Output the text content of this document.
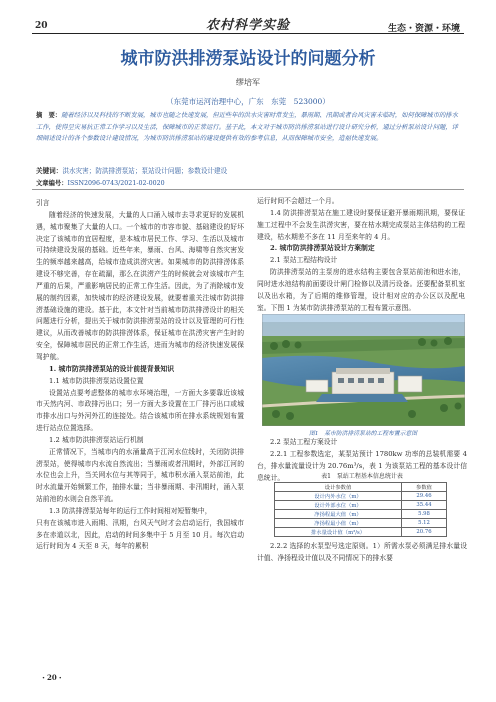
20	农村科学实验	生态・资源・环境
城市防洪排涝泵站设计的问题分析
缪培军
（东莞市运河治理中心，广东　东莞　523000）
摘　要：随着经济以及科技的不断发展，城市也随之快速发展，但近些年的洪水灾害时常发生，暴雨期、汛期或者台风灾害未临时，如何保障城市的排水工作，使得呈灾易抗正常工作学习以及生活，保障城市的正常运行。基于此，本文对于城市防洪排涝泵站进行设计研究分析，通过分析泵站设计问题，详细阐述设计的各个参数设计建设情况，为城市防洪排涝泵站的建设提供有效的参考信息，从而保障城市安全，造福快速发展。
关键词：洪水灾害；防洪排涝泵站；泵站设计问题；参数设计建设
文章编号：ISSN2096-0743/2021-02-0020

引言

随着经济的快速发展，大量的人口涌入城市去寻求更好的发展机遇，城市聚集了大量的人口。一个城市的市容市貌、基础建设的好坏决定了该城市的宜居程度，是本城市居民工作、学习、生活以及城市可持续建设发展的基础。近些年来，暴雨、台风、海啸等自然灾害发生的频率越来越高，给城市造成洪涝灾害。如果城市的防洪排涝体系建设不够完善，存在疏漏，那么在洪涝产生的时候就会对该城市产生严重的后果，严重影响居民的正常工作生活。因此，为了消除城市发展的制约因素，加快城市的经济建设发展，就要着重关注城市防洪排涝基础设施的建设。基于此，本文针对当前城市防洪排涝设计的相关问题进行分析，提出关于城市防洪排涝泵站的设计以及管理的可行性建议，从而改善城市的防洪排涝体系，保证城市在洪涝灾害产生时的安全，保障城市居民的正常工作生活，进而为城市的经济快速发展保驾护航。

1. 城市防洪排涝泵站的设计前提背景知识

1.1 城市防洪排涝泵站设置位置

设置站点要考虑整体的城市水环境治理，一方面大多要靠近该城市天然内河、市政排污出口；另一方面大多设置在工厂排污出口或城市排水出口与外河外江的连接处。结合该城市所在排水系统规划布置进行站点位置选择。

1.2 城市防洪排涝泵站运行机制

正常情况下，当城市内的水涌量高于江河水位线时，关闭防洪排涝泵站，使得城市内水流自然流出；当暴雨或者汛期时，外部江河的水位也会上升，当关网水位与其等同于，城市积水涌入泵站前池，此时水流量开始频繁工作，抽排水量；当非暴雨期、非汛期时，涌入泵站前池的水则会自然平流。

1.3 防洪排涝泵站每年的运行工作时间相对短暂集中，

只有在该城市进入雨期、汛期，台风天气时才会启动运行，我国城市多在赤道以北，因此，启动的时间多集中于 5 月至 10 月。每次启动运行时间为 4 天至 8 天，每年的累积

运行时间不会超过一个月。

1.4 防洪排涝泵站在施工建设时要保证避开暴雨期汛期，要保证施工过程中不会发生洪涝灾害，要在枯水期完成泵站主体结构的工程建设，枯水期差不多在 11 月至来年的 4 月。

2. 城市防洪排涝泵站设计方案制定

2.1 泵站工程结构设计

防洪排涝泵站的主泵房的进水结构主要包含泵站前池和进水池，同时进水池结构前面要设计闸门检修以及清污设备。还要配备泵机室以及出水箱，为了后期的维修管理，设计相对应的办公区以及配电室。下图 1 为某市防洪排涝泵站的工程布置示意图。

图1　某市防洪排涝泵站的工程布置示意图

2.2 泵站工程方案设计

2.2.1 工程参数选定，某泵站预计 1780kw 功率的总装机需要 4 台，排水量流量设计为 20.76m³/s，表 1 为该泵站工程的基本设计信息统计。	表1　泵站工程基本信息统计表
设计参数值	参数值
设计内外水位（m）	29.46
设计外部水位（m）	35.44
净扬程最大值（m）	5.98
净扬程最小值（m）	5.12
排水量设计值（m³/s）	20.76

2.2.2 选择的水泵型号选定原则。1）所需水泵必须满足排水量设计值、净扬程设计值以及不同情况下的排水要

・20・
